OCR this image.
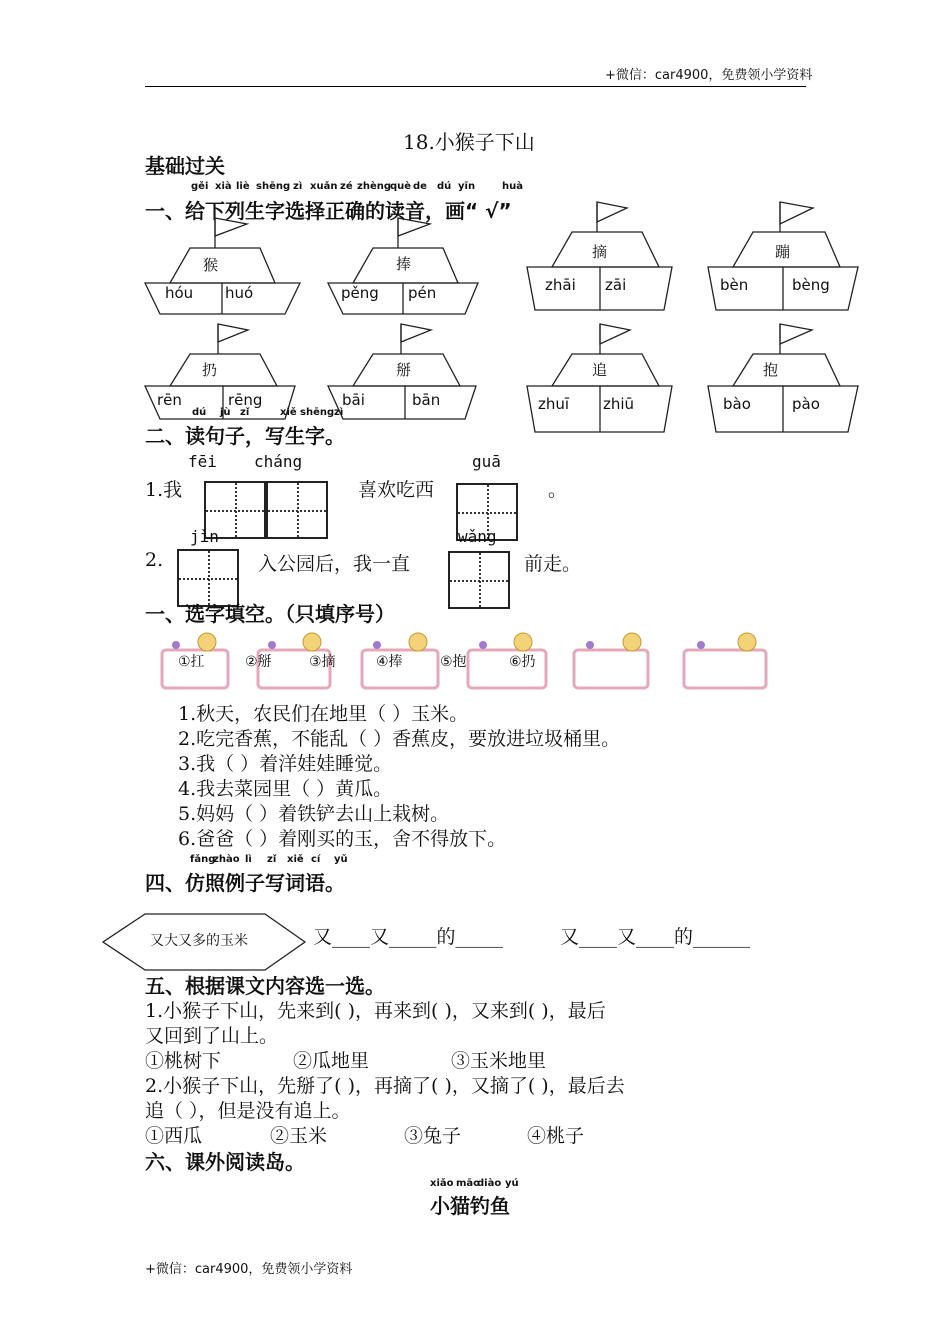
+微信：car4900，免费领小学资料
18.小猴子下山
基础过关
gěi xià liè shēng zì xuǎn zé zhèng què de dú yīn	huà
一、给下列生字选择正确的读音，画“ √”
猴
hóu huó
捧
pěng pén
摘
zhāi zāi
蹦
bèn	bèng
扔
rēn	rēng
掰
bāi	bān
追
zhuī zhiū
抱
bào	pào
dú jù zǐ	xiě shēng zì
二、读句子，写生字。
fēi cháng	guā
1.我	喜欢吃西	。
2.
jìn
入公园后，我一直
wǎng
前走。
一、选字填空。（只填序号）
①扛	②掰	③摘	④捧	⑤抱	⑥扔
1.秋天，农民们在地里（ ）玉米。
2.吃完香蕉，不能乱（ ）香蕉皮，要放进垃圾桶里。
3.我（ ）着洋娃娃睡觉。
4.我去菜园里（ ）黄瓜。
5.妈妈（ ）着铁铲去山上栽树。
6.爸爸（ ）着刚买的玉，舍不得放下。
fǎng
zhào lì zǐ xiě cí yǔ
四、仿照例子写词语。
又大又多的玉米	又____又_____的_____	又____又____的______
五、根据课文内容选一选。
1.小猴子下山，先来到( )，再来到( )，又来到( )，最后
又回到了山上。
①桃树下	②瓜地里	③玉米地里
2.小猴子下山，先掰了( )，再摘了( )，又摘了( )，最后去
追（ ），但是没有追上。
①西瓜	②玉米	③兔子	④桃子
六、课外阅读岛。
xiǎo māo
diào yú
小猫钓鱼
+微信：car4900，免费领小学资料
